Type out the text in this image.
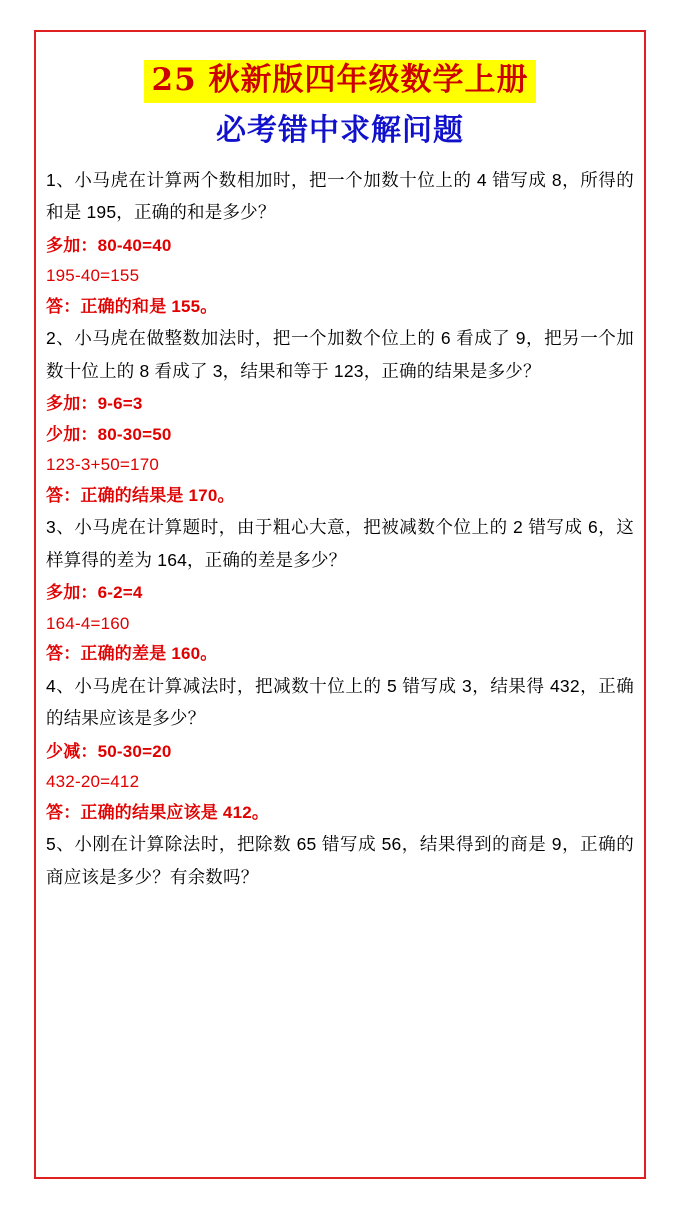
25 秋新版四年级数学上册
必考错中求解问题

1、小马虎在计算两个数相加时，把一个加数十位上的 4 错写成 8，所得的和是 195，正确的和是多少？

多加：80-40=40

195-40=155

答：正确的和是 155。

2、小马虎在做整数加法时，把一个加数个位上的 6 看成了 9，把另一个加数十位上的 8 看成了 3，结果和等于 123，正确的结果是多少？

多加：9-6=3

少加：80-30=50

123-3+50=170

答：正确的结果是 170。

3、小马虎在计算题时，由于粗心大意，把被减数个位上的 2 错写成 6，这样算得的差为 164，正确的差是多少？

多加：6-2=4

164-4=160

答：正确的差是 160。

4、小马虎在计算减法时，把减数十位上的 5 错写成 3，结果得 432，正确的结果应该是多少？

少减：50-30=20

432-20=412

答：正确的结果应该是 412。

5、小刚在计算除法时，把除数 65 错写成 56，结果得到的商是 9，正确的商应该是多少？有余数吗？
